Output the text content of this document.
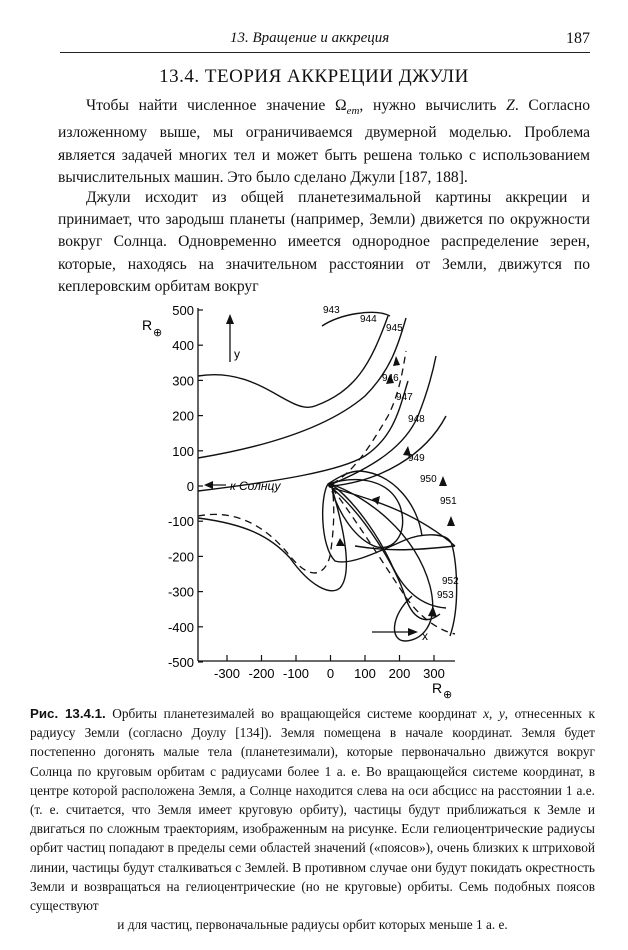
13. Вращение и аккреция	187
13.4. ТЕОРИЯ АККРЕЦИИ ДЖУЛИ

Чтобы найти численное значение $\Omega_{em}$, нужно вычислить Z. Согласно изложенному выше, мы ограничиваемся двумерной моделью. Проблема является задачей многих тел и может быть решена только с использованием вычислительных машин. Это было сделано Джули [187, 188].

Джули исходит из общей планетезимальной картины аккреции и принимает, что зародыш планеты (например, Земли) движется по окружности вокруг Солнца. Одновременно имеется однородное распределение зерен, которые, находясь на значительном расстоянии от Земли, движутся по кеплеровским орбитам вокруг

R ⊕
500
400
300
200
100
0
-100
-200
-300
-400
-500
-300 -200 -100 0 100 200 300
y
x
к Солнцу
943
944
945
946
947
948
949
950
951
952
953
R ⊕
Рис. 13.4.1. Орбиты планетезималей во вращающейся системе координат x, y, отнесенных к радиусу Земли (согласно Доулу [134]). Земля помещена в начале координат. Земля будет постепенно догонять малые тела (планетезимали), которые первоначально движутся вокруг Солнца по круговым орбитам с радиусами более 1 а. е. Во вращающейся системе координат, в центре которой расположена Земля, а Солнце находится слева на оси абсцисс на расстоянии 1 а.е. (т. е. считается, что Земля имеет круговую орбиту), частицы будут приближаться к Земле и двигаться по сложным траекториям, изображенным на рисунке. Если гелиоцентрические радиусы орбит частиц попадают в пределы семи областей значений («поясов»), очень близких к штриховой линии, частицы будут сталкиваться с Землей. В противном случае они будут покидать окрестность Земли и возвращаться на гелиоцентрические (но не круговые) орбиты. Семь подобных поясов существуют
и для частиц, первоначальные радиусы орбит которых меньше 1 а. е.
